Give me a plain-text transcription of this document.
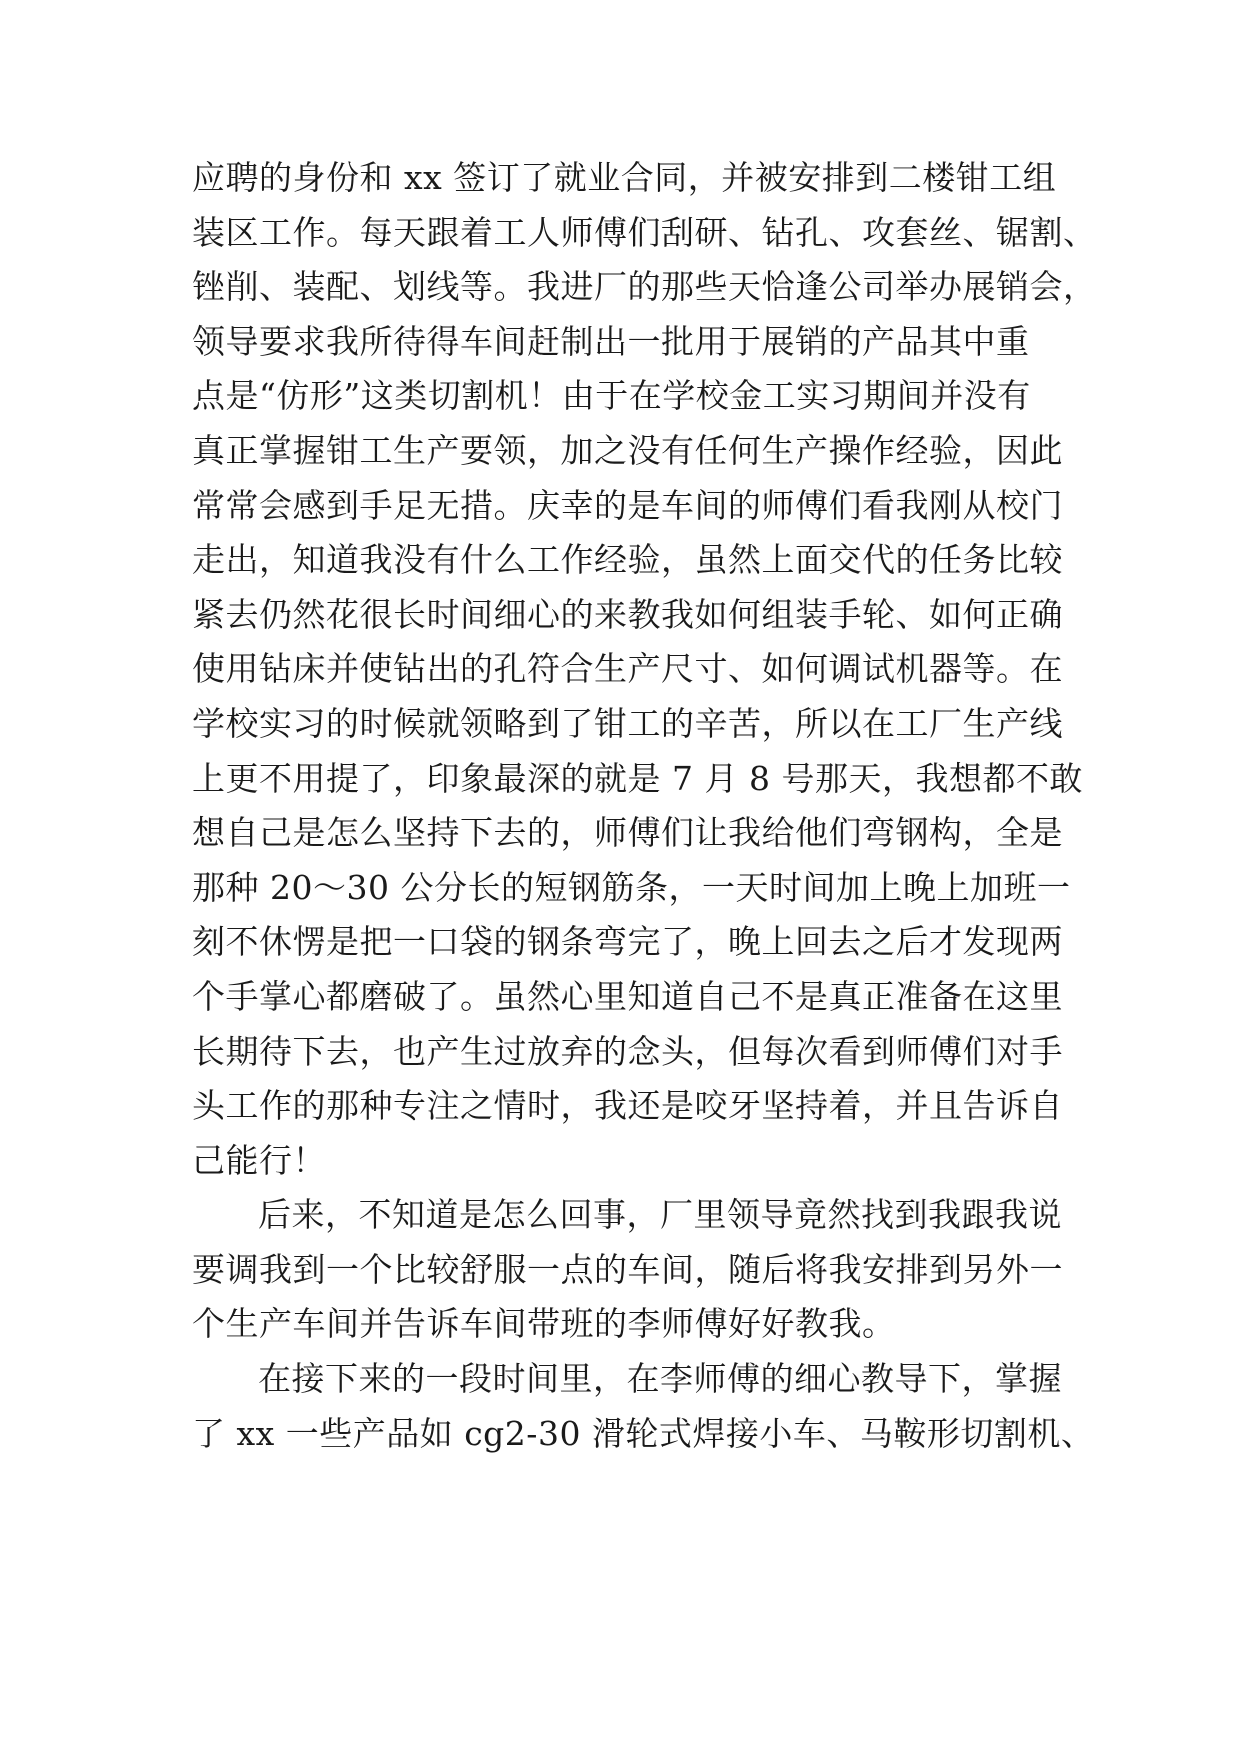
应聘的身份和 xx 签订了就业合同，并被安排到二楼钳工组
装区工作。每天跟着工人师傅们刮研、钻孔、攻套丝、锯割、
锉削、装配、划线等。我进厂的那些天恰逢公司举办展销会，
领导要求我所待得车间赶制出一批用于展销的产品其中重
点是“仿形”这类切割机！由于在学校金工实习期间并没有
真正掌握钳工生产要领，加之没有任何生产操作经验，因此
常常会感到手足无措。庆幸的是车间的师傅们看我刚从校门
走出，知道我没有什么工作经验，虽然上面交代的任务比较
紧去仍然花很长时间细心的来教我如何组装手轮、如何正确
使用钻床并使钻出的孔符合生产尺寸、如何调试机器等。在
学校实习的时候就领略到了钳工的辛苦，所以在工厂生产线
上更不用提了，印象最深的就是 7 月 8 号那天，我想都不敢
想自己是怎么坚持下去的，师傅们让我给他们弯钢构，全是
那种 20～30 公分长的短钢筋条，一天时间加上晚上加班一
刻不休愣是把一口袋的钢条弯完了，晚上回去之后才发现两
个手掌心都磨破了。虽然心里知道自己不是真正准备在这里
长期待下去，也产生过放弃的念头，但每次看到师傅们对手
头工作的那种专注之情时，我还是咬牙坚持着，并且告诉自
己能行！
后来，不知道是怎么回事，厂里领导竟然找到我跟我说
要调我到一个比较舒服一点的车间，随后将我安排到另外一
个生产车间并告诉车间带班的李师傅好好教我。
在接下来的一段时间里，在李师傅的细心教导下，掌握
了 xx 一些产品如 cg2-30 滑轮式焊接小车、马鞍形切割机、
